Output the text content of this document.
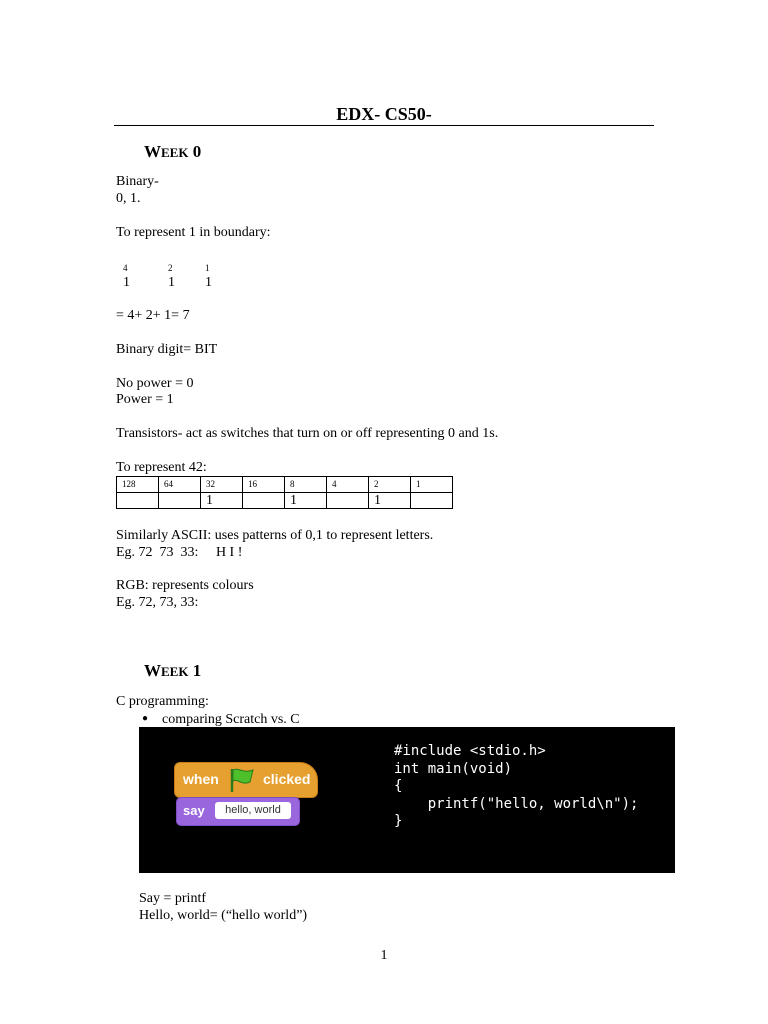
EDX- CS50-
WEEK 0
Binary-
0, 1.
To represent 1 in boundary:
4	2	1
1	1 1
= 4+ 2+ 1= 7
Binary digit= BIT
No power = 0
Power = 1
Transistors- act as switches that turn on or off representing 0 and 1s.
To represent 42:
128	64	32	16	8	4	2	1
		1		1		1	
Similarly ASCII: uses patterns of 0,1 to represent letters.
Eg. 72  73  33:     H I !
RGB: represents colours
Eg. 72, 73, 33:
WEEK 1
C programming:
● comparing Scratch vs. C
when	clicked
say	hello, world
#include <stdio.h>
int main(void)
{
printf("hello, world\n");
}
Say = printf
Hello, world= (“hello world”)
1
